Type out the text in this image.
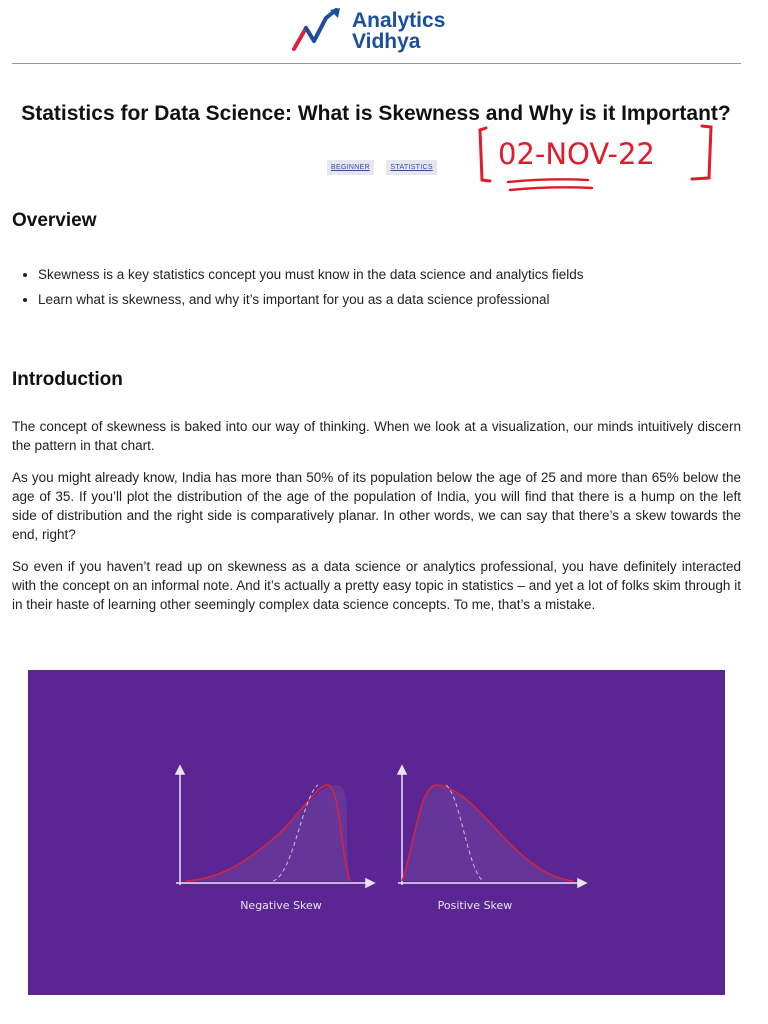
Analytics
Vidhya
Statistics for Data Science: What is Skewness and Why is it Important?
BEGINNER	STATISTICS	02-NOV-22
Overview
• Skewness is a key statistics concept you must know in the data science and analytics fields
• Learn what is skewness, and why it’s important for you as a data science professional
Introduction

The concept of skewness is baked into our way of thinking. When we look at a visualization, our minds intuitively discern the pattern in that chart.

As you might already know, India has more than 50% of its population below the age of 25 and more than 65% below the age of 35. If you’ll plot the distribution of the age of the population of India, you will find that there is a hump on the left side of distribution and the right side is comparatively planar. In other words, we can say that there’s a skew towards the end, right?

So even if you haven’t read up on skewness as a data science or analytics professional, you have definitely interacted with the concept on an informal note. And it’s actually a pretty easy topic in statistics – and yet a lot of folks skim through it in their haste of learning other seemingly complex data science concepts. To me, that’s a mistake.

Negative Skew	Positive Skew
